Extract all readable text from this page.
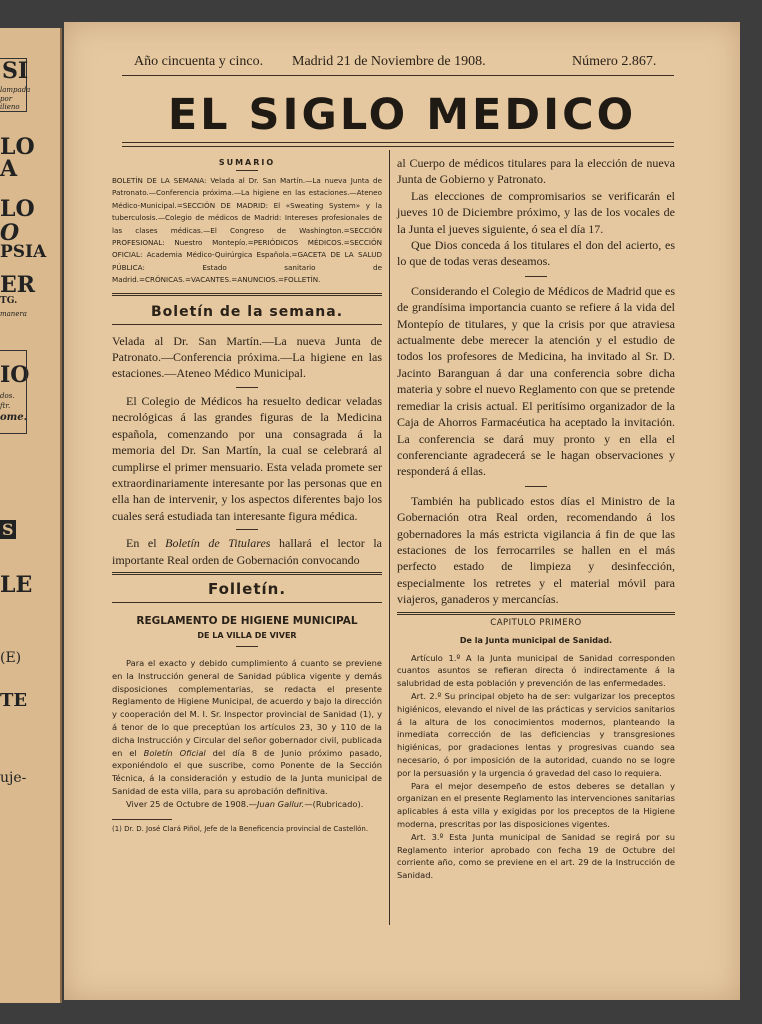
SI
lampada
por
ilieno
LO
A
LO
O
PSIA
ER
TG.
manera
IO
dos.
ftr.
ome.
S
LE
(E)
TE
uje-
Año cincuenta y cinco. Madrid 21 de Noviembre de 1908.	Número 2.867.
EL SIGLO MEDICO
SUMARIO
BOLETÍN DE LA SEMANA: Velada al Dr. San Martín.—La nueva Junta de Patronato.—Conferencia próxima.—La higiene en las estaciones.—Ateneo Médico-Municipal.=SECCIÓN DE MADRID: El «Sweating System» y la tuberculosis.—Colegio de médicos de Madrid: Intereses profesionales de las clases médicas.—El Congreso de Washington.=SECCIÓN PROFESIONAL: Nuestro Montepío.=PERIÓDICOS MÉDICOS.=SECCIÓN OFICIAL: Academia Médico-Quirúrgica Española.=GACETA DE LA SALUD PÚBLICA: Estado sanitario de Madrid.=CRÓNICAS.=VACANTES.=ANUNCIOS.=FOLLETÍN.
Boletín de la semana.

Velada al Dr. San Martín.—La nueva Junta de Patronato.—Conferencia próxima.—La higiene en las estaciones.—Ateneo Médico Municipal.

El Colegio de Médicos ha resuelto dedicar veladas necrológicas á las grandes figuras de la Medicina española, comenzando por una consagrada á la memoria del Dr. San Martín, la cual se celebrará al cumplirse el primer mensuario. Esta velada promete ser extraordinariamente interesante por las personas que en ella han de intervenir, y los aspectos diferentes bajo los cuales será estudiada tan interesante figura médica.

En el Boletín de Titulares hallará el lector la importante Real orden de Gobernación convocando

Folletín.
REGLAMENTO DE HIGIENE MUNICIPAL
DE LA VILLA DE VIVER

Para el exacto y debido cumplimiento á cuanto se previene en la Instrucción general de Sanidad pública vigente y demás disposiciones complementarias, se redacta el presente Reglamento de Higiene Municipal, de acuerdo y bajo la dirección y cooperación del M. I. Sr. Inspector provincial de Sanidad (1), y á tenor de lo que preceptúan los artículos 23, 30 y 110 de la dicha Instrucción y Circular del señor gobernador civil, publicada en el Boletín Oficial del día 8 de Junio próximo pasado, exponiéndolo el que suscribe, como Ponente de la Sección Técnica, á la consideración y estudio de la Junta municipal de Sanidad de esta villa, para su aprobación definitiva.

Viver 25 de Octubre de 1908.—Juan Gallur.—(Rubricado).

(1) Dr. D. José Clará Piñol, Jefe de la Beneficencia provincial de Castellón.

al Cuerpo de médicos titulares para la elección de nueva Junta de Gobierno y Patronato.

Las elecciones de compromisarios se verificarán el jueves 10 de Diciembre próximo, y las de los vocales de la Junta el jueves siguiente, ó sea el día 17.

Que Dios conceda á los titulares el don del acierto, es lo que de todas veras deseamos.

Considerando el Colegio de Médicos de Madrid que es de grandísima importancia cuanto se refiere á la vida del Montepío de titulares, y que la crisis por que atraviesa actualmente debe merecer la atención y el estudio de todos los profesores de Medicina, ha invitado al Sr. D. Jacinto Baranguan á dar una conferencia sobre dicha materia y sobre el nuevo Reglamento con que se pretende remediar la crisis actual. El peritísimo organizador de la Caja de Ahorros Farmacéutica ha aceptado la invitación. La conferencia se dará muy pronto y en ella el conferenciante agradecerá se le hagan observaciones y responderá á ellas.

También ha publicado estos días el Ministro de la Gobernación otra Real orden, recomendando á los gobernadores la más estricta vigilancia á fin de que las estaciones de los ferrocarriles se hallen en el más perfecto estado de limpieza y desinfección, especialmente los retretes y el material móvil para viajeros, ganaderos y mercancías.

CAPITULO PRIMERO
De la Junta municipal de Sanidad.

Artículo 1.º A la Junta municipal de Sanidad corresponden cuantos asuntos se refieran directa ó indirectamente á la salubridad de esta población y prevención de las enfermedades.

Art. 2.º Su principal objeto ha de ser: vulgarizar los preceptos higiénicos, elevando el nivel de las prácticas y servicios sanitarios á la altura de los conocimientos modernos, planteando la inmediata corrección de las deficiencias y transgresiones higiénicas, por gradaciones lentas y progresivas cuando sea necesario, ó por imposición de la autoridad, cuando no se logre por la persuasión y la urgencia ó gravedad del caso lo requiera.

Para el mejor desempeño de estos deberes se detallan y organizan en el presente Reglamento las intervenciones sanitarias aplicables á esta villa y exigidas por los preceptos de la Higiene moderna, prescritas por las disposiciones vigentes.

Art. 3.º Esta Junta municipal de Sanidad se regirá por su Reglamento interior aprobado con fecha 19 de Octubre del corriente año, como se previene en el art. 29 de la Instrucción de Sanidad.
